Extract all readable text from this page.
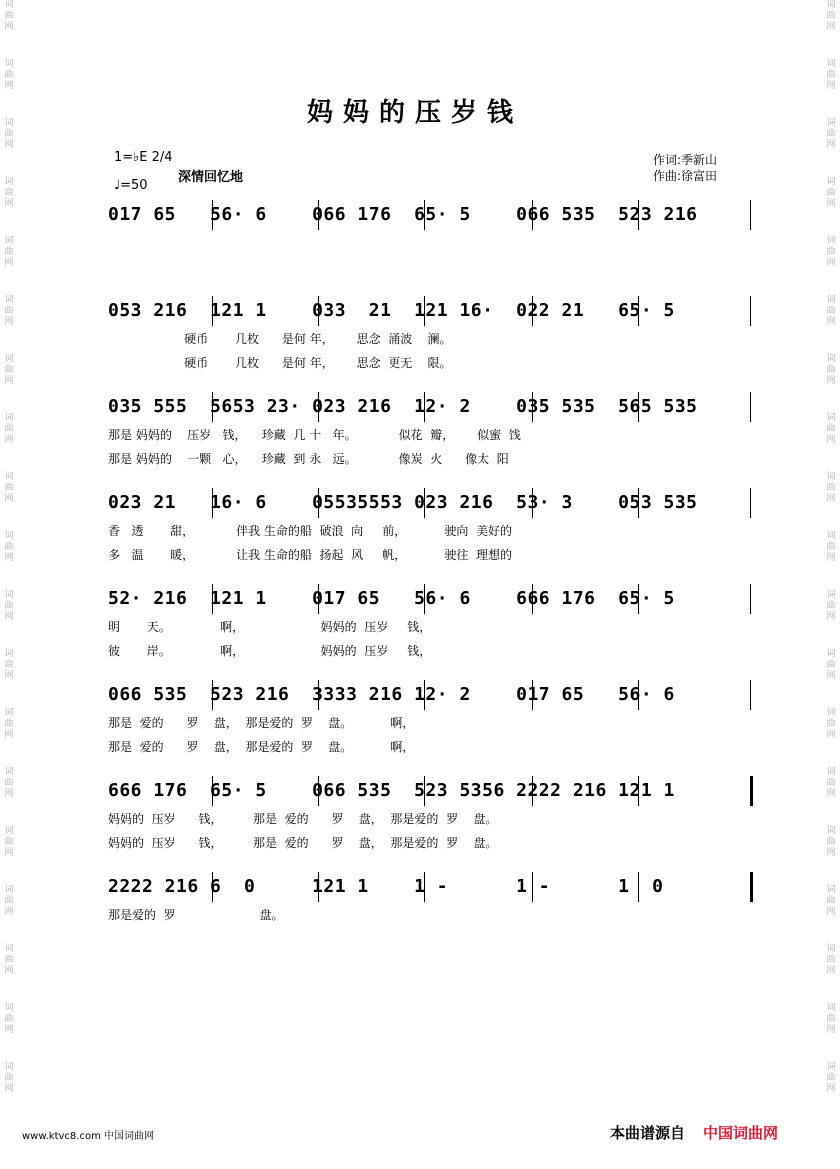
词
曲
网
词
曲
网
词
曲
网
词
曲
网
词
曲
网
词
曲
网
词
曲
网
词
曲
网
词
曲
网
词
曲
网
词
曲
网
词
曲
网
词
曲
网
词
曲
网
词
曲
网
词
曲
网
词
曲
网
词
曲
网
词
曲
网
词
曲
网
词
曲
网
词
曲
网
词
曲
网
词
曲
网
词
曲
网
词
曲
网
词
曲
网
词
曲
网
词
曲
网
词
曲
网
词
曲
网
词
曲
网
词
曲
网
词
曲
网
词
曲
网
词
曲
网
词
曲
网
词
曲
网
妈妈的压岁钱
1=♭E 2/4
♩=50
深情回忆地
作词:季新山
作曲:徐富田
017 65   56· 6    066 176  65· 5    066 535  523 216
053 216  121 1    033  21  121 16·  022 21   65· 5
硬币       几枚      是何 年，      思念  涌波    澜。
硬币       几枚      是何 年，      思念  更无    限。
035 555  5653 23· 023 216  12· 2    035 535  565 535
那是 妈妈的    压岁   钱，    珍藏  几 十   年。           似花  瓣，      似蜜  饯
那是 妈妈的    一颗   心，    珍藏  到 永   远。           像炭  火      像太  阳
023 21   16· 6    05535553 023 216  53· 3    053 535
香   透       甜，           伴我 生命的船  破浪  向     前，          驶向  美好的
多   温       暖，           让我 生命的船  扬起  风     帆，          驶往  理想的
52· 216  121 1    017 65   56· 6    666 176  65· 5
明       天。             啊，                    妈妈的  压岁     钱，
彼       岸。             啊，                    妈妈的  压岁     钱，
066 535  523 216  3333 216 12· 2    017 65   56· 6
那是  爱的      罗    盘，  那是爱的  罗    盘。          啊，
那是  爱的      罗    盘，  那是爱的  罗    盘。          啊，
666 176  65· 5    066 535  523 5356 2222 216 121 1
妈妈的  压岁      钱，        那是  爱的      罗    盘，  那是爱的  罗    盘。
妈妈的  压岁      钱，        那是  爱的      罗    盘，  那是爱的  罗    盘。
2222 216 6  0     121 1    1 -      1 -      1  0
那是爱的  罗                      盘。
www.ktvc8.com 中国词曲网	本曲谱源自 中国词曲网
